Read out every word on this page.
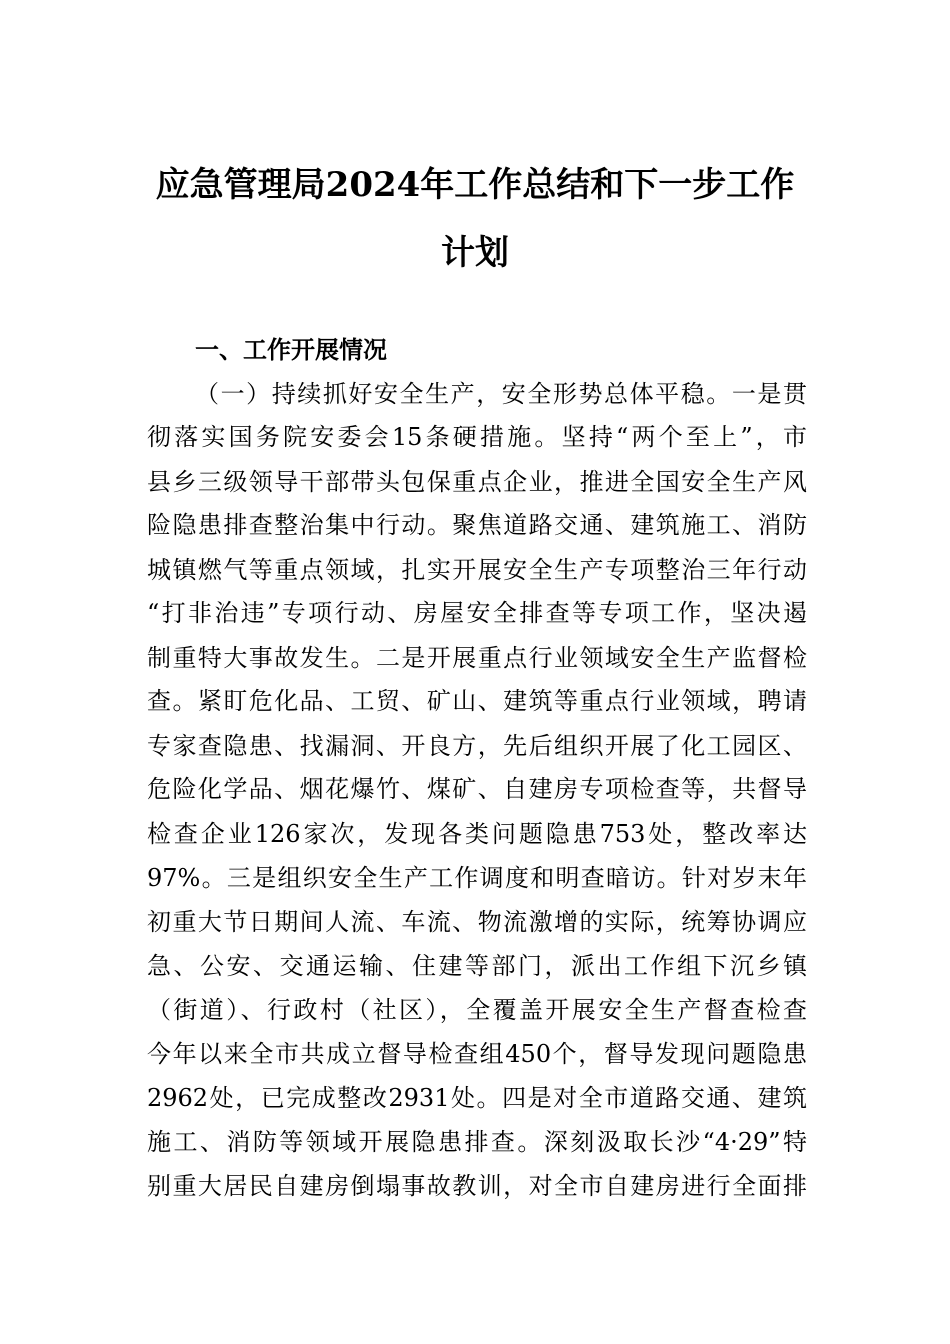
应急管理局2024年工作总结和下一步工作
计划
一、工作开展情况
（一）持续抓好安全生产，安全形势总体平稳。一是贯
彻落实国务院安委会15条硬措施。坚持“两个至上”，市
县乡三级领导干部带头包保重点企业，推进全国安全生产风
险隐患排查整治集中行动。聚焦道路交通、建筑施工、消防
城镇燃气等重点领域，扎实开展安全生产专项整治三年行动
“打非治违”专项行动、房屋安全排查等专项工作，坚决遏
制重特大事故发生。二是开展重点行业领域安全生产监督检
查。紧盯危化品、工贸、矿山、建筑等重点行业领域，聘请
专家查隐患、找漏洞、开良方，先后组织开展了化工园区、
危险化学品、烟花爆竹、煤矿、自建房专项检查等，共督导
检查企业126家次，发现各类问题隐患753处，整改率达
97%。三是组织安全生产工作调度和明查暗访。针对岁末年
初重大节日期间人流、车流、物流激增的实际，统筹协调应
急、公安、交通运输、住建等部门，派出工作组下沉乡镇
（街道）、行政村（社区），全覆盖开展安全生产督查检查
今年以来全市共成立督导检查组450个，督导发现问题隐患
2962处，已完成整改2931处。四是对全市道路交通、建筑
施工、消防等领域开展隐患排查。深刻汲取长沙“4·29”特
别重大居民自建房倒塌事故教训，对全市自建房进行全面排
